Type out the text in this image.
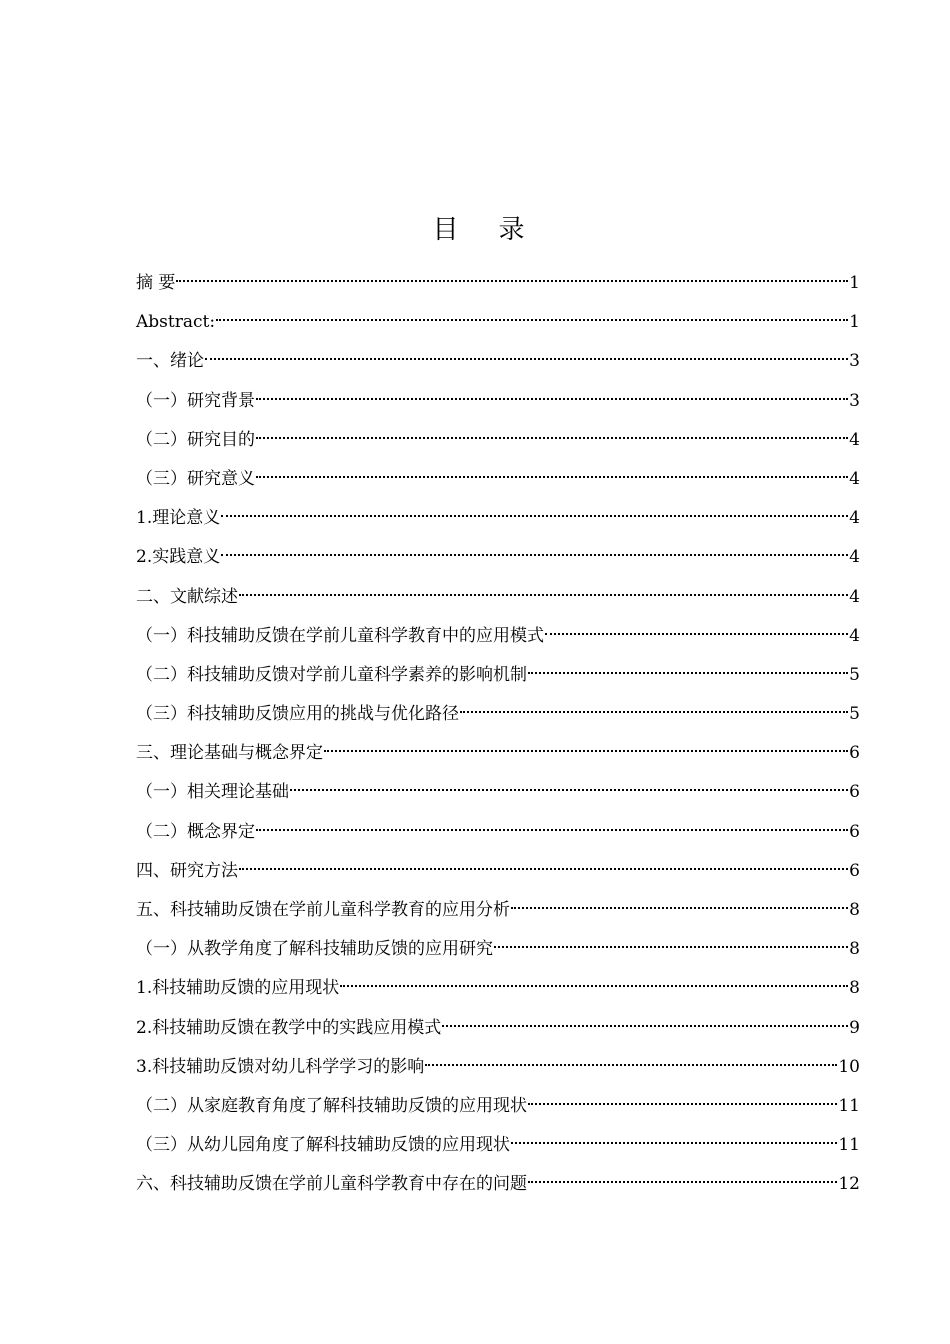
目录
摘 要	1
Abstract:	1
一、绪论	3
（一）研究背景	3
（二）研究目的	4
（三）研究意义	4
1.理论意义	4
2.实践意义	4
二、文献综述	4
（一）科技辅助反馈在学前儿童科学教育中的应用模式	4
（二）科技辅助反馈对学前儿童科学素养的影响机制	5
（三）科技辅助反馈应用的挑战与优化路径	5
三、理论基础与概念界定	6
（一）相关理论基础	6
（二）概念界定	6
四、研究方法	6
五、科技辅助反馈在学前儿童科学教育的应用分析	8
（一）从教学角度了解科技辅助反馈的应用研究	8
1.科技辅助反馈的应用现状	8
2.科技辅助反馈在教学中的实践应用模式	9
3.科技辅助反馈对幼儿科学学习的影响	10
（二）从家庭教育角度了解科技辅助反馈的应用现状	11
（三）从幼儿园角度了解科技辅助反馈的应用现状	11
六、科技辅助反馈在学前儿童科学教育中存在的问题	12
